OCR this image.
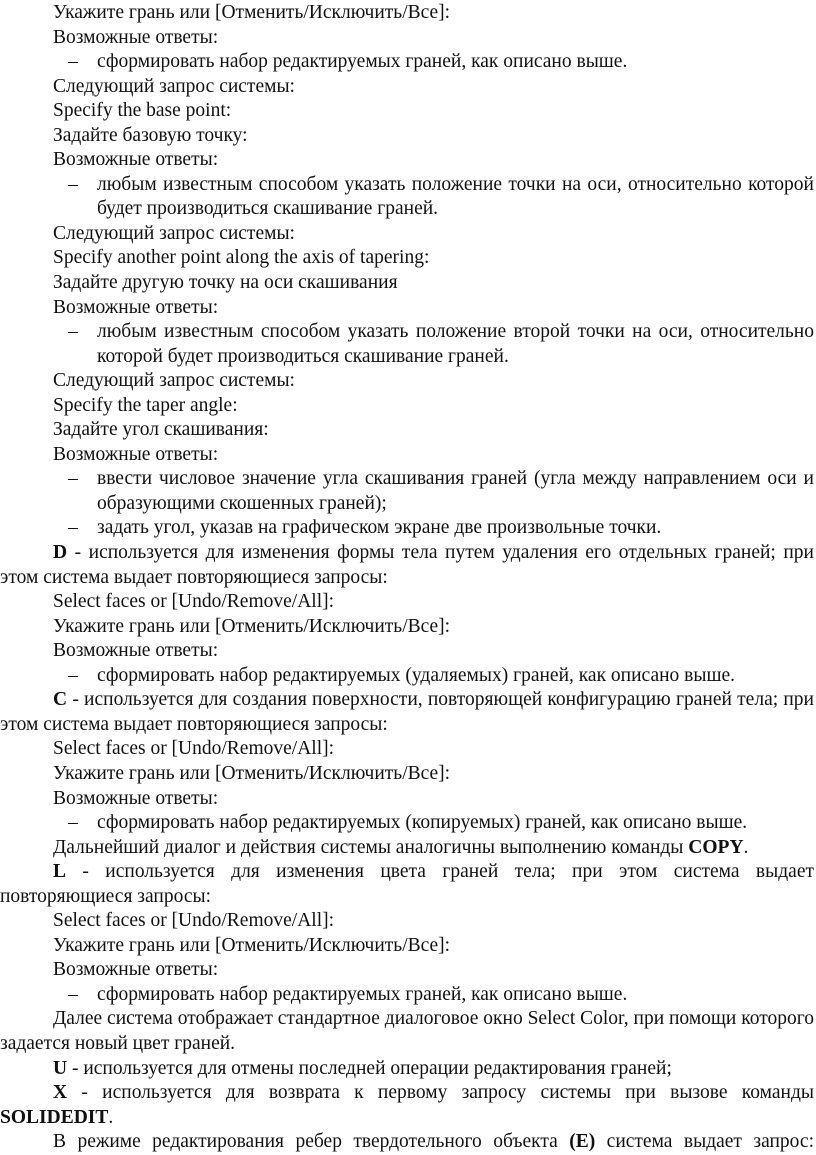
Укажите грань или [Отменить/Исключить/Все]:

Возможные ответы:

– сформировать набор редактируемых граней, как описано выше.

Следующий запрос системы:

Specify the base point:

Задайте базовую точку:

Возможные ответы:

– любым известным способом указать положение точки на оси, относительно которой будет производиться скашивание граней.

Следующий запрос системы:

Specify another point along the axis of tapering:

Задайте другую точку на оси скашивания

Возможные ответы:

– любым известным способом указать положение второй точки на оси, относительно которой будет производиться скашивание граней.

Следующий запрос системы:

Specify the taper angle:

Задайте угол скашивания:

Возможные ответы:

– ввести числовое значение угла скашивания граней (угла между направлением оси и образующими скошенных граней);

– задать угол, указав на графическом экране две произвольные точки.

D - используется для изменения формы тела путем удаления его отдельных граней; при этом система выдает повторяющиеся запросы:

Select faces or [Undo/Remove/All]:

Укажите грань или [Отменить/Исключить/Все]:

Возможные ответы:

– сформировать набор редактируемых (удаляемых) граней, как описано выше.

C - используется для создания поверхности, повторяющей конфигурацию граней тела; при этом система выдает повторяющиеся запросы:

Select faces or [Undo/Remove/All]:

Укажите грань или [Отменить/Исключить/Все]:

Возможные ответы:

– сформировать набор редактируемых (копируемых) граней, как описано выше.

Дальнейший диалог и действия системы аналогичны выполнению команды COPY.

L - используется для изменения цвета граней тела; при этом система выдает повторяющиеся запросы:

Select faces or [Undo/Remove/All]:

Укажите грань или [Отменить/Исключить/Все]:

Возможные ответы:

– сформировать набор редактируемых граней, как описано выше.

Далее система отображает стандартное диалоговое окно Select Color, при помощи которого задается новый цвет граней.

U - используется для отмены последней операции редактирования граней;

X - используется для возврата к первому запросу системы при вызове команды SOLIDEDIT.

В режиме редактирования ребер твердотельного объекта (E) система выдает запрос:
